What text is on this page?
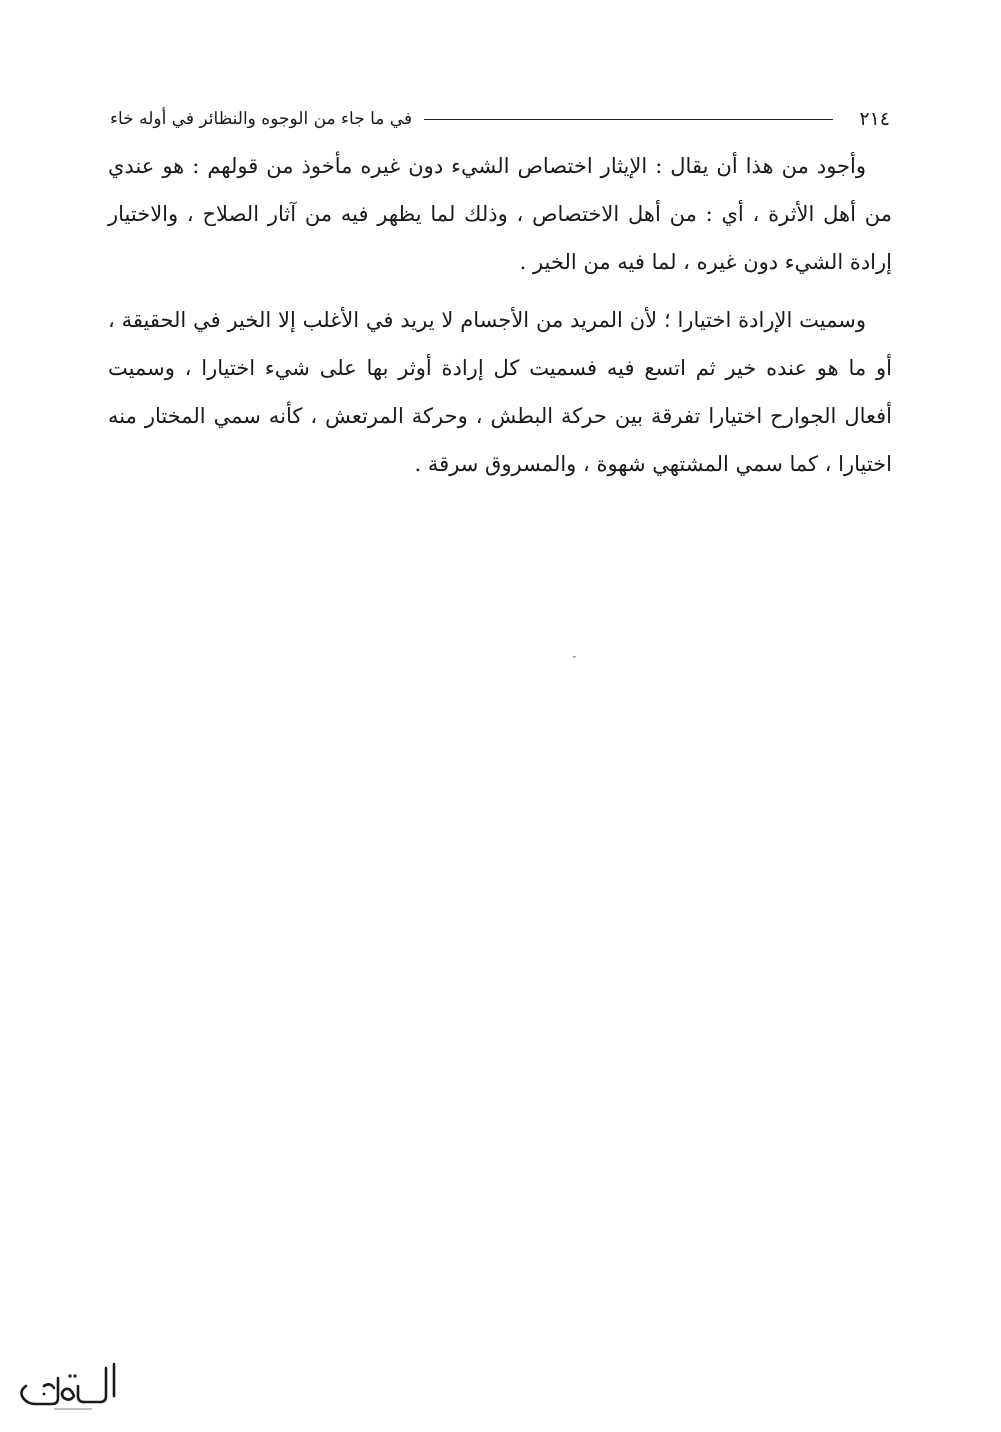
٢١٤
في ما جاء من الوجوه والنظائر في أوله خاء

وأجود من هذا أن يقال : الإيثار اختصاص الشيء دون غيره مأخوذ من قولهم : هو عندي من أهل الأثرة ، أي : من أهل الاختصاص ، وذلك لما يظهر فيه من آثار الصلاح ، والاختيار إرادة الشيء دون غيره ، لما فيه من الخير .

وسميت الإرادة اختيارا ؛ لأن المريد من الأجسام لا يريد في الأغلب إلا الخير في الحقيقة ، أو ما هو عنده خير ثم اتسع فيه فسميت كل إرادة أوثر بها على شيء اختيارا ، وسميت أفعال الجوارح اختيارا تفرقة بين حركة البطش ، وحركة المرتعش ، كأنه سمي المختار منه اختيارا ، كما سمي المشتهي شهوة ، والمسروق سرقة .

˜
